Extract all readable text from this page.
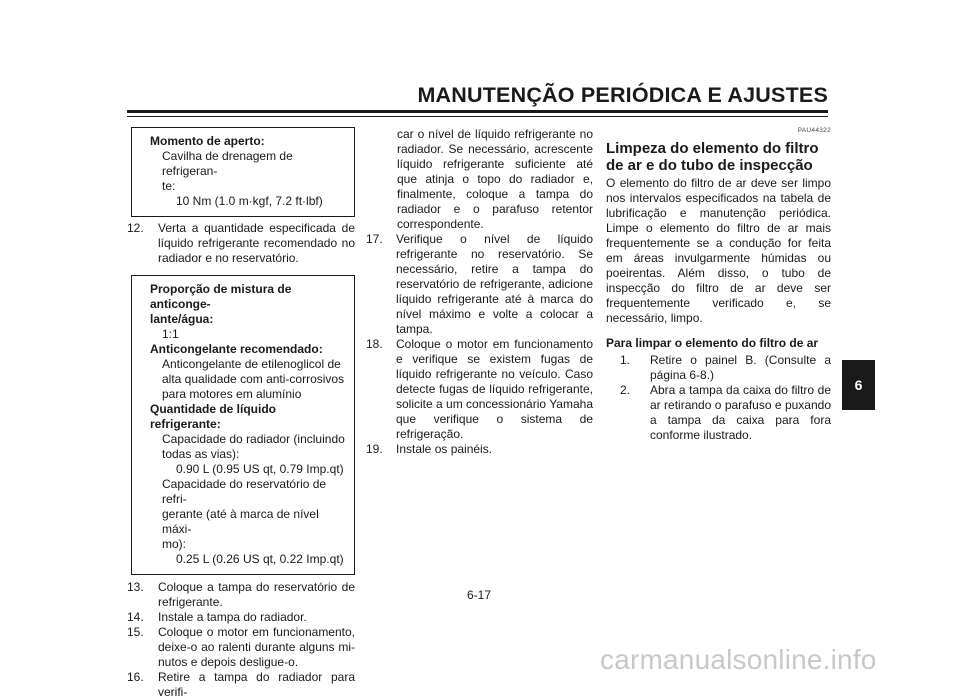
MANUTENÇÃO PERIÓDICA E AJUSTES
Momento de aperto:
Cavilha de drenagem de refrigeran-
te:
10 Nm (1.0 m·kgf, 7.2 ft·lbf)
12.	Verta a quantidade especificada de líquido refrigerante recomendado no radiador e no reservatório.
Proporção de mistura de anticonge-
lante/água:
1:1
Anticongelante recomendado:
Anticongelante de etilenoglicol de
alta qualidade com anti-corrosivos
para motores em alumínio
Quantidade de líquido refrigerante:
Capacidade do radiador (incluindo
todas as vias):
0.90 L (0.95 US qt, 0.79 Imp.qt)
Capacidade do reservatório de refri-
gerante (até à marca de nível máxi-
mo):
0.25 L (0.26 US qt, 0.22 Imp.qt)
13.	Coloque a tampa do reservatório de refrigerante.
14.	Instale a tampa do radiador.
15.	Coloque o motor em funcionamento, deixe-o ao ralenti durante alguns minutos e depois desligue-o.
16.	Retire a tampa do radiador para verifi-
car o nível de líquido refrigerante no radiador. Se necessário, acrescente líquido refrigerante suficiente até que atinja o topo do radiador e, finalmente, coloque a tampa do radiador e o parafuso retentor correspondente.
17.	Verifique o nível de líquido refrigerante no reservatório. Se necessário, retire a tampa do reservatório de refrigerante, adicione líquido refrigerante até à marca do nível máximo e volte a colocar a tampa.
18.	Coloque o motor em funcionamento e verifique se existem fugas de líquido refrigerante no veículo. Caso detecte fugas de líquido refrigerante, solicite a um concessionário Yamaha que verifique o sistema de refrigeração.
19.	Instale os painéis.
PAU44322
Limpeza do elemento do filtro de ar e do tubo de inspecção
O elemento do filtro de ar deve ser limpo nos intervalos especificados na tabela de lubrificação e manutenção periódica. Limpe o elemento do filtro de ar mais frequentemente se a condução for feita em áreas invulgarmente húmidas ou poeirentas. Além disso, o tubo de inspecção do filtro de ar deve ser frequentemente verificado e, se necessário, limpo.
Para limpar o elemento do filtro de ar
1.	Retire o painel B. (Consulte a página 6-8.)
2.	Abra a tampa da caixa do filtro de ar retirando o parafuso e puxando a tampa da caixa para fora conforme ilustrado.
6
6-17
carmanualsonline.info
